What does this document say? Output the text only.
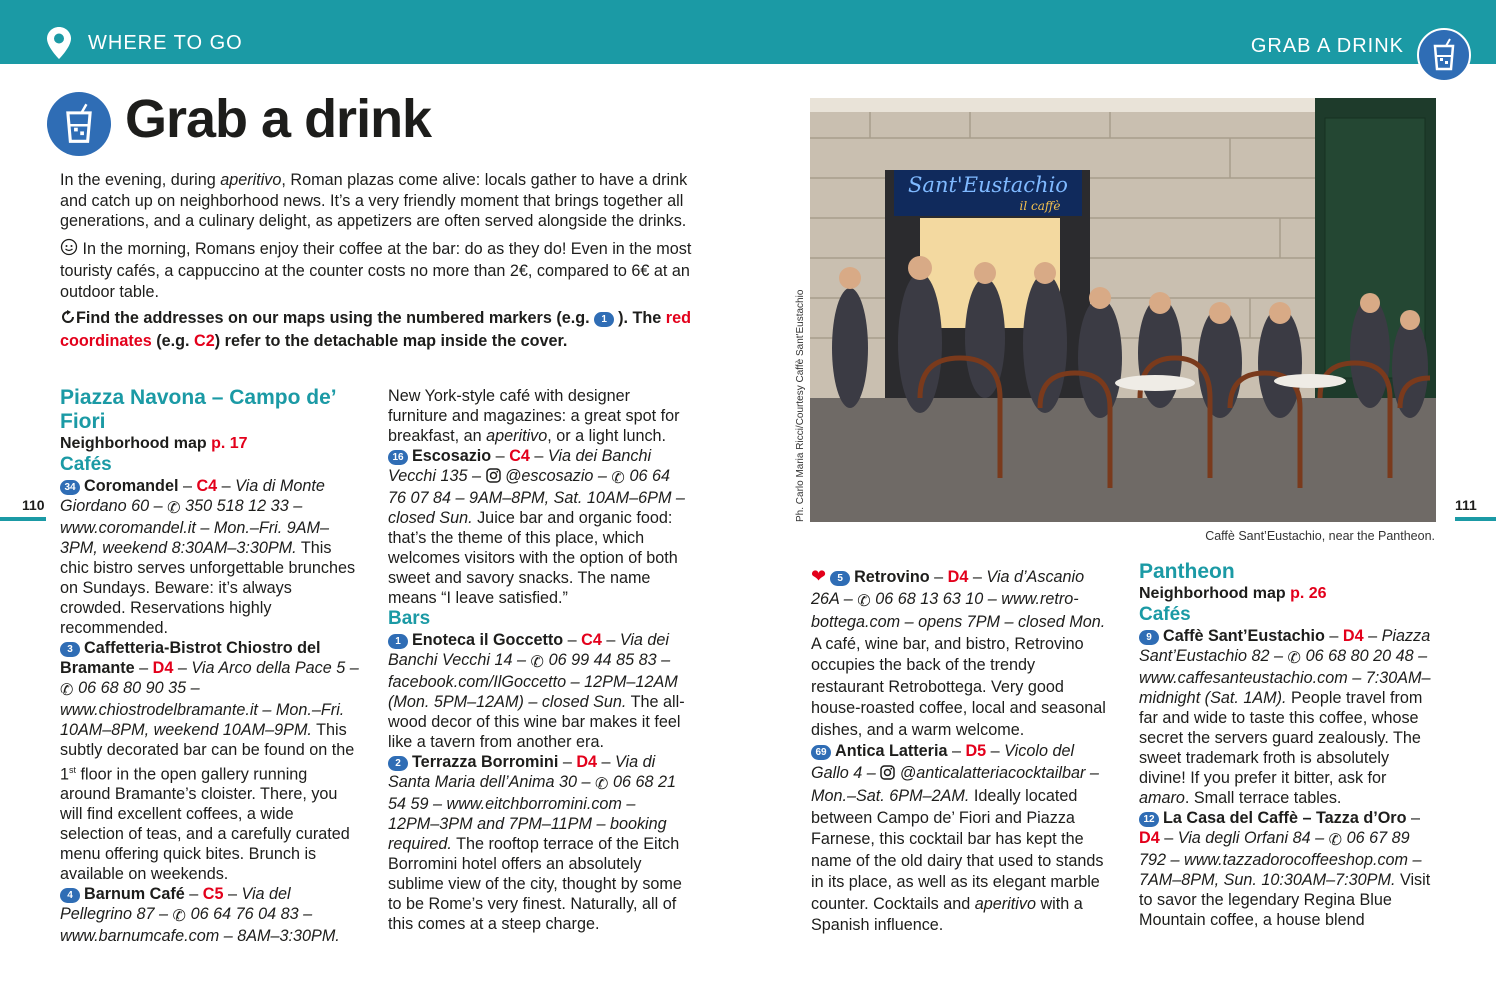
WHERE TO GO	GRAB A DRINK
Grab a drink
110	111

In the evening, during aperitivo, Roman plazas come alive: locals gather to have a drink and catch up on neighborhood news. It’s a very friendly moment that brings together all generations, and a culinary delight, as appetizers are often served alongside the drinks.

In the morning, Romans enjoy their coffee at the bar: do as they do! Even in the most touristy cafés, a cappuccino at the counter costs no more than 2€, compared to 6€ at an outdoor table.

Find the addresses on our maps using the numbered markers (e.g. 1 ). The red coordinates (e.g. C2) refer to the detachable map inside the cover.

Piazza Navona – Campo de’ Fiori

Neighborhood map p. 17

Cafés

34 Coromandel – C4 – Via di Monte Giordano 60 – ✆ 350 518 12 33 – www.coromandel.it – Mon.–Fri. 9AM–3PM, weekend 8:30AM–3:30PM. This chic bistro serves unforgettable brunches on Sundays. Beware: it’s always crowded. Reservations highly recommended.

3 Caffetteria-Bistrot Chiostro del Bramante – D4 – Via Arco della Pace 5 – ✆ 06 68 80 90 35 – www.chiostrodelbramante.it – Mon.–Fri. 10AM–8PM, weekend 10AM–9PM. This subtly decorated bar can be found on the 1st floor in the open gallery running around Bramante’s cloister. There, you will find excellent coffees, a wide selection of teas, and a carefully curated menu offering quick bites. Brunch is available on weekends.

4 Barnum Café – C5 – Via del Pellegrino 87 – ✆ 06 64 76 04 83 – www.barnumcafe.com – 8AM–3:30PM.

New York-style café with designer furniture and magazines: a great spot for breakfast, an aperitivo, or a light lunch.

16 Escosazio – C4 – Via dei Banchi Vecchi 135 –  @escosazio – ✆ 06 64 76 07 84 – 9AM–8PM, Sat. 10AM–6PM – closed Sun. Juice bar and organic food: that’s the theme of this place, which welcomes visitors with the option of both sweet and savory snacks. The name means “I leave satisfied.”

Bars

1 Enoteca il Goccetto – C4 – Via dei Banchi Vecchi 14 – ✆ 06 99 44 85 83 – facebook.com/IlGoccetto – 12PM–12AM (Mon. 5PM–12AM) – closed Sun. The all-wood decor of this wine bar makes it feel like a tavern from another era.

2 Terrazza Borromini – D4 – Via di Santa Maria dell’Anima 30 – ✆ 06 68 21 54 59 – www.eitchborromini.com – 12PM–3PM and 7PM–11PM – booking required. The rooftop terrace of the Eitch Borromini hotel offers an absolutely sublime view of the city, thought by some to be Rome’s very finest. Naturally, all of this comes at a steep charge.

Sant'Eustachio
il caffè
Ph. Carlo Maria Ricci/Courtesy Caffè Sant'Eustachio
Caffè Sant’Eustachio, near the Pantheon.

❤ 5 Retrovino – D4 – Via d’Ascanio 26A – ✆ 06 68 13 63 10 – www.retro-bottega.com – opens 7PM – closed Mon. A café, wine bar, and bistro, Retrovino occupies the back of the trendy restaurant Retrobottega. Very good house-roasted coffee, local and seasonal dishes, and a warm welcome.

69 Antica Latteria – D5 – Vicolo del Gallo 4 –  @anticalatteriacocktailbar – Mon.–Sat. 6PM–2AM. Ideally located between Campo de’ Fiori and Piazza Farnese, this cocktail bar has kept the name of the old dairy that used to stands in its place, as well as its elegant marble counter. Cocktails and aperitivo with a Spanish influence.

Pantheon

Neighborhood map p. 26

Cafés

9 Caffè Sant’Eustachio – D4 – Piazza Sant’Eustachio 82 – ✆ 06 68 80 20 48 – www.caffesanteustachio.com – 7:30AM–midnight (Sat. 1AM). People travel from far and wide to taste this coffee, whose secret the servers guard zealously. The sweet trademark froth is absolutely divine! If you prefer it bitter, ask for amaro. Small terrace tables.

12 La Casa del Caffè – Tazza d’Oro – D4 – Via degli Orfani 84 – ✆ 06 67 89 792 – www.tazzadorocoffeeshop.com – 7AM–8PM, Sun. 10:30AM–7:30PM. Visit to savor the legendary Regina Blue Mountain coffee, a house blend
